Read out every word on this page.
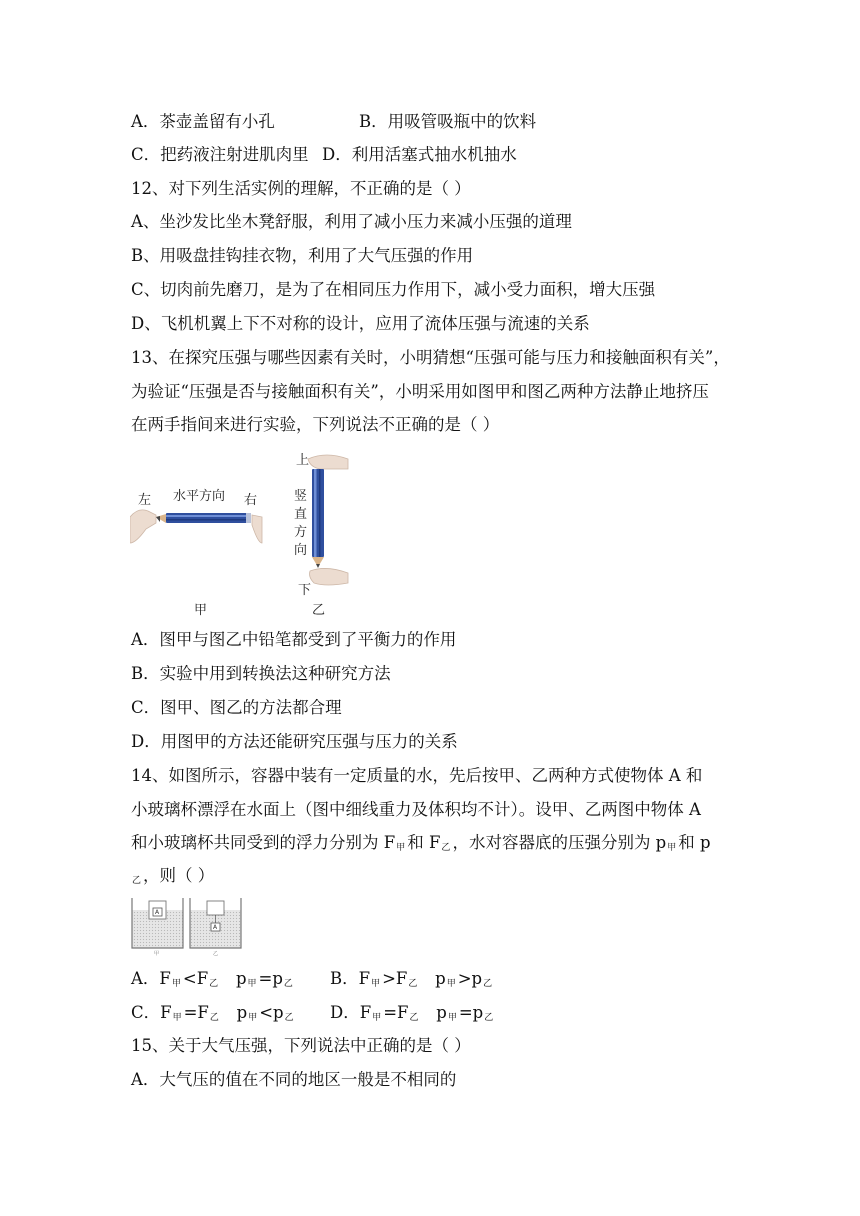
A．茶壶盖留有小孔	B．用吸管吸瓶中的饮料
C．把药液注射进肌肉里 D．利用活塞式抽水机抽水
12、对下列生活实例的理解，不正确的是（ ）
A、坐沙发比坐木凳舒服，利用了减小压力来减小压强的道理
B、用吸盘挂钩挂衣物，利用了大气压强的作用
C、切肉前先磨刀，是为了在相同压力作用下，减小受力面积，增大压强
D、飞机机翼上下不对称的设计，应用了流体压强与流速的关系
13、在探究压强与哪些因素有关时，小明猜想“压强可能与压力和接触面积有关”，
为验证“压强是否与接触面积有关”，小明采用如图甲和图乙两种方法静止地挤压
在两手指间来进行实验，下列说法不正确的是（ ）
左 水平方向 右
上
竖
直
方
向
下
甲	乙
A．图甲与图乙中铅笔都受到了平衡力的作用
B．实验中用到转换法这种研究方法
C．图甲、图乙的方法都合理
D．用图甲的方法还能研究压强与压力的关系
14、如图所示，容器中装有一定质量的水，先后按甲、乙两种方式使物体 A 和
小玻璃杯漂浮在水面上（图中细线重力及体积均不计）。设甲、乙两图中物体 A
和小玻璃杯共同受到的浮力分别为 $F_甲$ 和 $F_乙$ ，水对容器底的压强分别为 $p_甲$ 和 p
$_乙$ ，则（ ）
A
A
甲	乙
A．$F_甲 <F_乙$ $p_甲 =p_乙$ B．$F_甲 >F_乙$ $p_甲 >p_乙$
C．$F_甲 =F_乙$ $p_甲 <p_乙$ D．$F_甲 =F_乙$ $p_甲 =p_乙$
15、关于大气压强，下列说法中正确的是（ ）
A．大气压的值在不同的地区一般是不相同的
